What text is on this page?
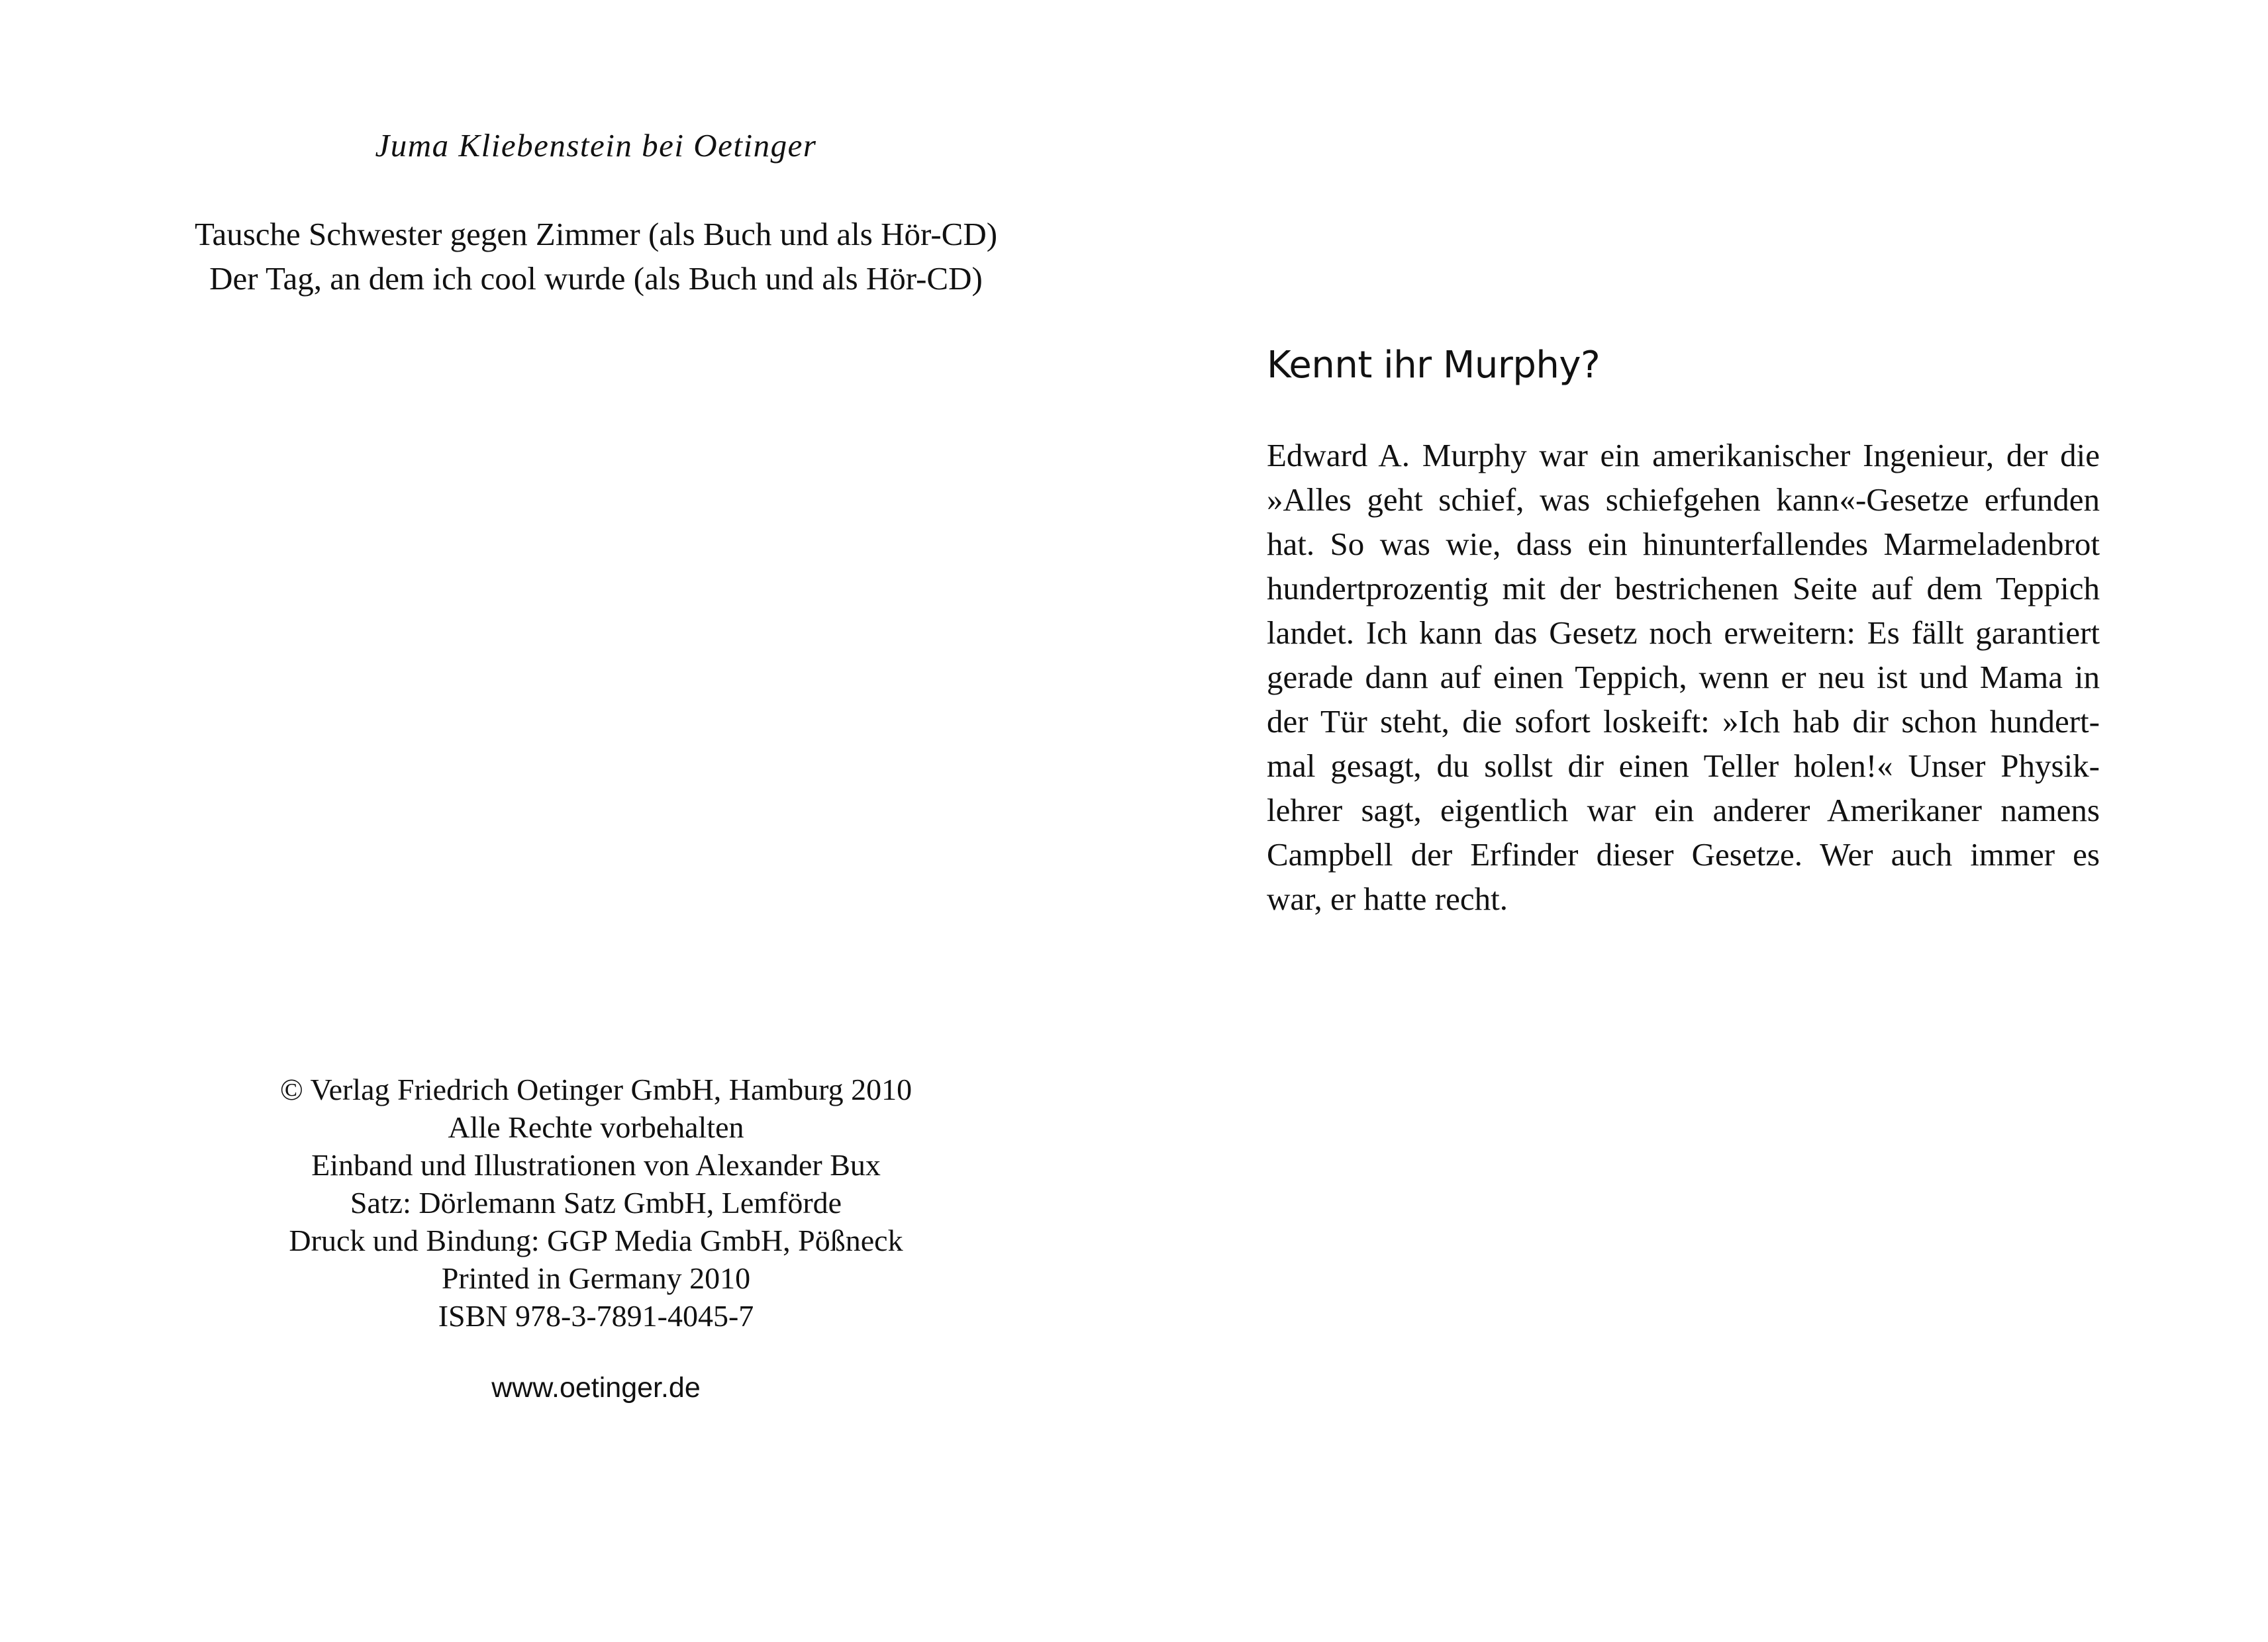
Juma Kliebenstein bei Oetinger

Tausche Schwester gegen Zimmer (als Buch und als Hör-CD)
Der Tag, an dem ich cool wurde (als Buch und als Hör-CD)
© Verlag Friedrich Oetinger GmbH, Hamburg 2010
Alle Rechte vorbehalten
Einband und Illustrationen von Alexander Bux
Satz: Dörlemann Satz GmbH, Lemförde
Druck und Bindung: GGP Media GmbH, Pößneck
Printed in Germany 2010
ISBN 978-3-7891-4045-7
www.oetinger.de
Kennt ihr Murphy?
Edward A. Murphy war ein amerikanischer Ingenieur, der die
»Alles geht schief, was schiefgehen kann«-Gesetze erfunden
hat. So was wie, dass ein hinunterfallendes Marmeladenbrot
hundertprozentig mit der bestrichenen Seite auf dem Teppich
landet. Ich kann das Gesetz noch erweitern: Es fällt garantiert
gerade dann auf einen Teppich, wenn er neu ist und Mama in
der Tür steht, die sofort loskeift: »Ich hab dir schon hundert-
mal gesagt, du sollst dir einen Teller holen!« Unser Physik-
lehrer sagt, eigentlich war ein anderer Amerikaner namens
Campbell der Erfinder dieser Gesetze. Wer auch immer es
war, er hatte recht.
